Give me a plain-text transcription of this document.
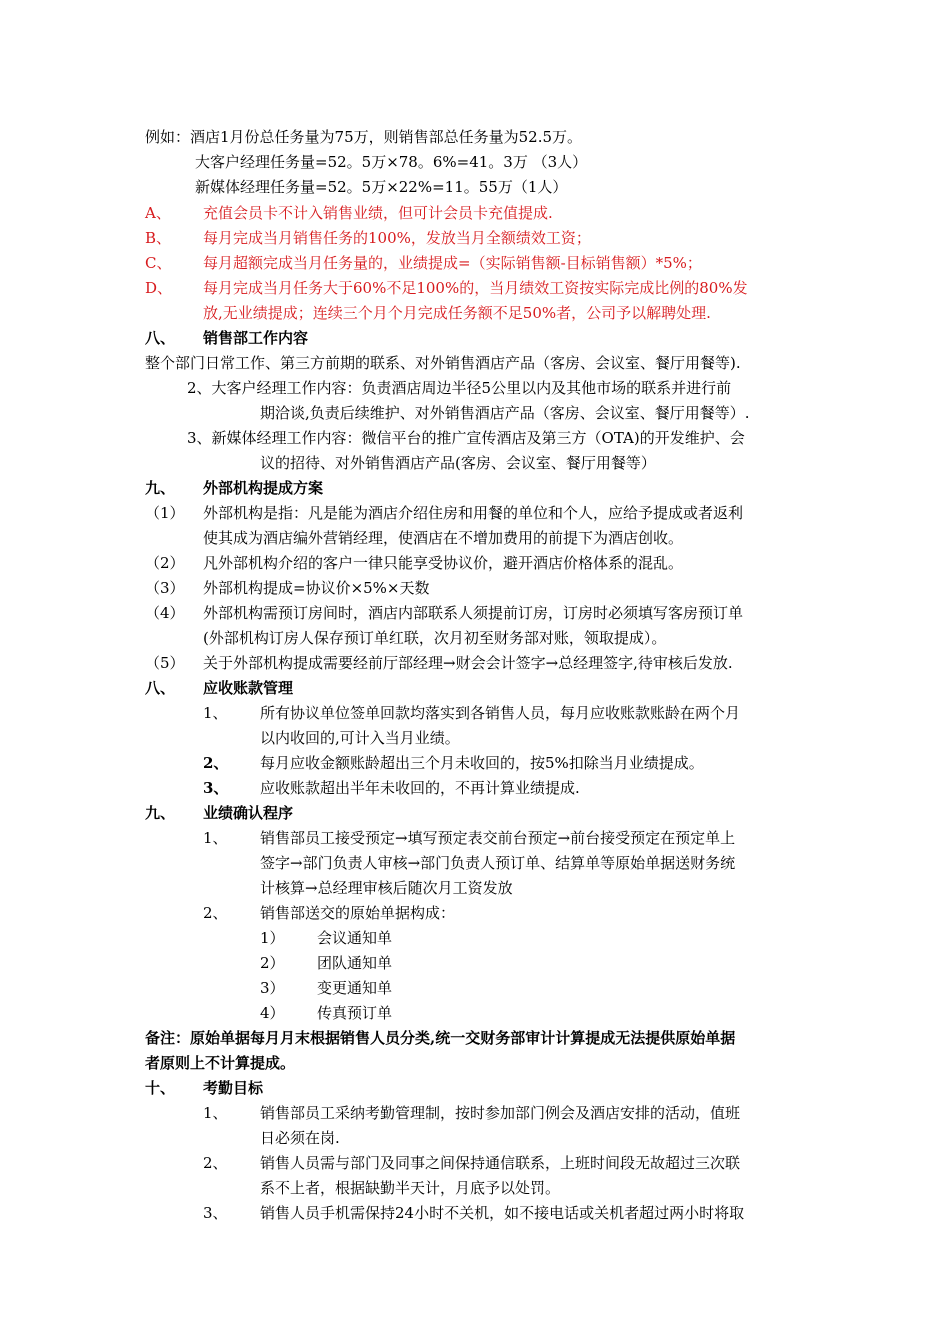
例如：酒店1月份总任务量为75万，则销售部总任务量为52.5万。
大客户经理任务量=52。5万×78。6%=41。3万 （3人）
新媒体经理任务量=52。5万×22%=11。55万（1人）
A、 充值会员卡不计入销售业绩，但可计会员卡充值提成.
B、 每月完成当月销售任务的100%，发放当月全额绩效工资；
C、 每月超额完成当月任务量的，业绩提成=（实际销售额-目标销售额）*5%；
D、 每月完成当月任务大于60%不足100%的，当月绩效工资按实际完成比例的80%发
放,无业绩提成；连续三个月个月完成任务额不足50%者，公司予以解聘处理.
八、 销售部工作内容
整个部门日常工作、第三方前期的联系、对外销售酒店产品（客房、会议室、餐厅用餐等).
2、大客户经理工作内容：负责酒店周边半径5公里以内及其他市场的联系并进行前
期洽谈,负责后续维护、对外销售酒店产品（客房、会议室、餐厅用餐等）.
3、新媒体经理工作内容：微信平台的推广宣传酒店及第三方（OTA)的开发维护、会
议的招待、对外销售酒店产品(客房、会议室、餐厅用餐等）
九、 外部机构提成方案
（1） 外部机构是指：凡是能为酒店介绍住房和用餐的单位和个人，应给予提成或者返利
使其成为酒店编外营销经理，使酒店在不增加费用的前提下为酒店创收。
（2） 凡外部机构介绍的客户一律只能享受协议价，避开酒店价格体系的混乱。
（3） 外部机构提成=协议价×5%×天数
（4） 外部机构需预订房间时，酒店内部联系人须提前订房，订房时必须填写客房预订单
(外部机构订房人保存预订单红联，次月初至财务部对账，领取提成）。
（5） 关于外部机构提成需要经前厅部经理→财会会计签字→总经理签字,待审核后发放.
八、 应收账款管理
1、 所有协议单位签单回款均落实到各销售人员，每月应收账款账龄在两个月
以内收回的,可计入当月业绩。
2、 每月应收金额账龄超出三个月未收回的，按5%扣除当月业绩提成。
3、 应收账款超出半年未收回的，不再计算业绩提成.
九、 业绩确认程序
1、 销售部员工接受预定→填写预定表交前台预定→前台接受预定在预定单上
签字→部门负责人审核→部门负责人预订单、结算单等原始单据送财务统
计核算→总经理审核后随次月工资发放
2、 销售部送交的原始单据构成：
1） 会议通知单
2） 团队通知单
3） 变更通知单
4） 传真预订单
备注：原始单据每月月末根据销售人员分类,统一交财务部审计计算提成无法提供原始单据
者原则上不计算提成。
十、 考勤目标
1、 销售部员工采纳考勤管理制，按时参加部门例会及酒店安排的活动，值班
日必须在岗.
2、 销售人员需与部门及同事之间保持通信联系，上班时间段无故超过三次联
系不上者，根据缺勤半天计，月底予以处罚。
3、 销售人员手机需保持24小时不关机，如不接电话或关机者超过两小时将取
